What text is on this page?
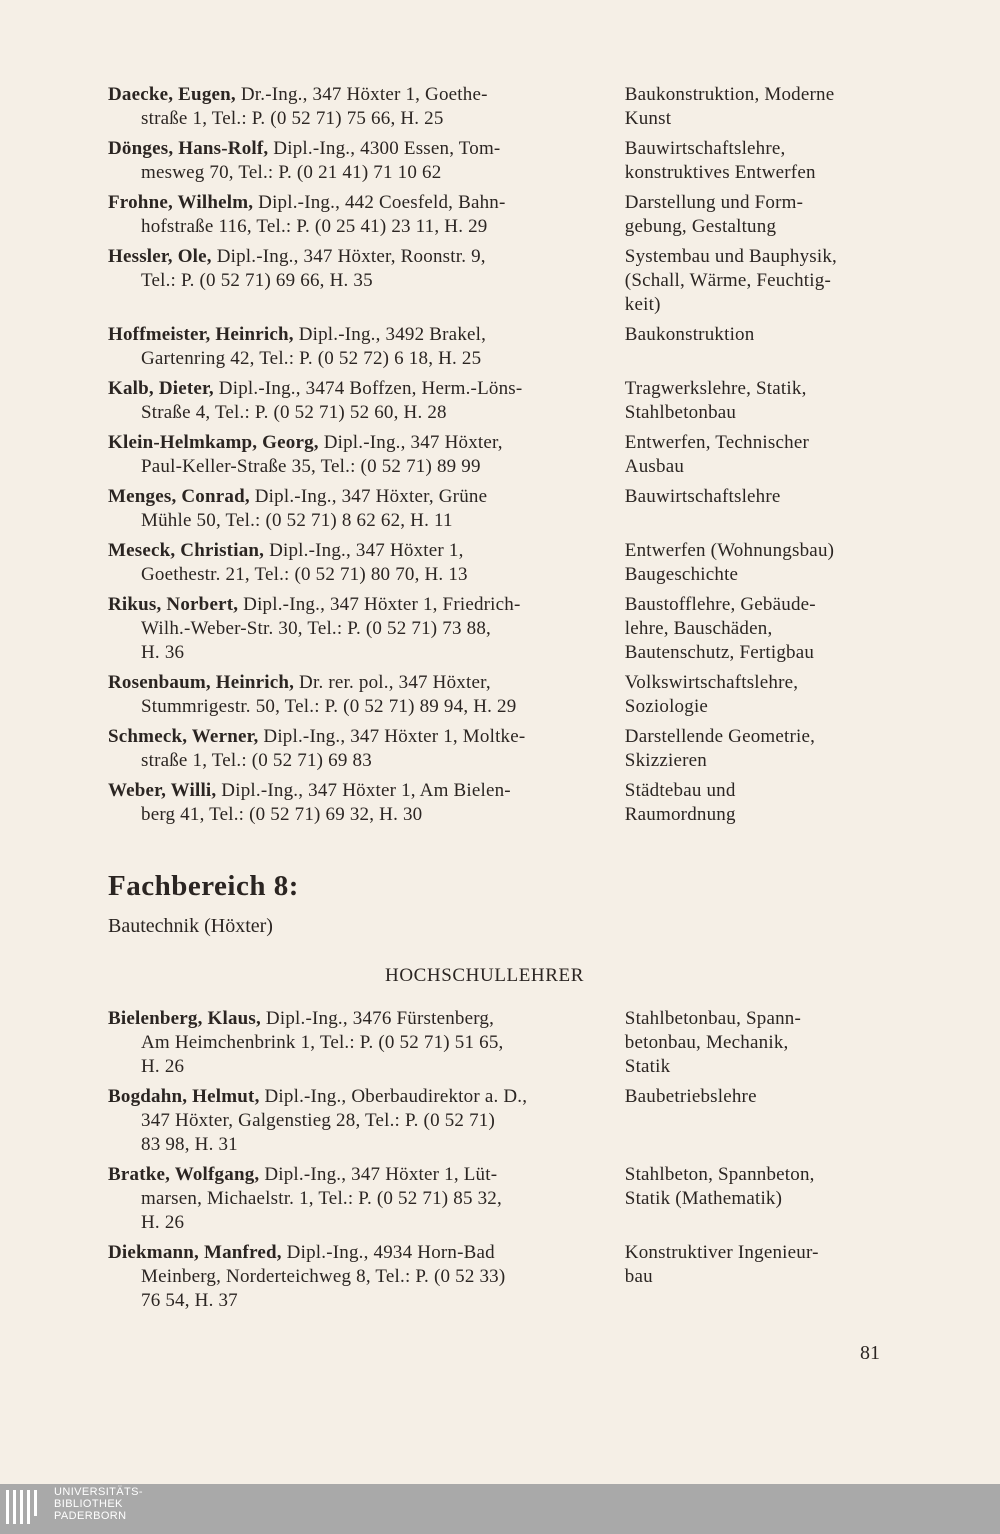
Daecke, Eugen, Dr.-Ing., 347 Höxter 1, Goethe-
straße 1, Tel.: P. (0 52 71) 75 66, H. 25
Baukonstruktion, Moderne
Kunst
Dönges, Hans-Rolf, Dipl.-Ing., 4300 Essen, Tom-
mesweg 70, Tel.: P. (0 21 41) 71 10 62
Bauwirtschaftslehre,
konstruktives Entwerfen
Frohne, Wilhelm, Dipl.-Ing., 442 Coesfeld, Bahn-
hofstraße 116, Tel.: P. (0 25 41) 23 11, H. 29
Darstellung und Form-
gebung, Gestaltung
Hessler, Ole, Dipl.-Ing., 347 Höxter, Roonstr. 9,
Tel.: P. (0 52 71) 69 66, H. 35
Systembau und Bauphysik,
(Schall, Wärme, Feuchtig-
keit)
Hoffmeister, Heinrich, Dipl.-Ing., 3492 Brakel,
Gartenring 42, Tel.: P. (0 52 72) 6 18, H. 25
Baukonstruktion
Kalb, Dieter, Dipl.-Ing., 3474 Boffzen, Herm.-Löns-
Straße 4, Tel.: P. (0 52 71) 52 60, H. 28
Tragwerkslehre, Statik,
Stahlbetonbau
Klein-Helmkamp, Georg, Dipl.-Ing., 347 Höxter,
Paul-Keller-Straße 35, Tel.: (0 52 71) 89 99
Entwerfen, Technischer
Ausbau
Menges, Conrad, Dipl.-Ing., 347 Höxter, Grüne
Mühle 50, Tel.: (0 52 71) 8 62 62, H. 11
Bauwirtschaftslehre
Meseck, Christian, Dipl.-Ing., 347 Höxter 1,
Goethestr. 21, Tel.: (0 52 71) 80 70, H. 13
Entwerfen (Wohnungsbau)
Baugeschichte
Rikus, Norbert, Dipl.-Ing., 347 Höxter 1, Friedrich-
Wilh.-Weber-Str. 30, Tel.: P. (0 52 71) 73 88,
H. 36
Baustofflehre, Gebäude-
lehre, Bauschäden,
Bautenschutz, Fertigbau
Rosenbaum, Heinrich, Dr. rer. pol., 347 Höxter,
Stummrigestr. 50, Tel.: P. (0 52 71) 89 94, H. 29
Volkswirtschaftslehre,
Soziologie
Schmeck, Werner, Dipl.-Ing., 347 Höxter 1, Moltke-
straße 1, Tel.: (0 52 71) 69 83
Darstellende Geometrie,
Skizzieren
Weber, Willi, Dipl.-Ing., 347 Höxter 1, Am Bielen-
berg 41, Tel.: (0 52 71) 69 32, H. 30
Städtebau und
Raumordnung
Fachbereich 8:
Bautechnik (Höxter)
HOCHSCHULLEHRER
Bielenberg, Klaus, Dipl.-Ing., 3476 Fürstenberg,
Am Heimchenbrink 1, Tel.: P. (0 52 71) 51 65,
H. 26
Stahlbetonbau, Spann-
betonbau, Mechanik,
Statik
Bogdahn, Helmut, Dipl.-Ing., Oberbaudirektor a. D.,
347 Höxter, Galgenstieg 28, Tel.: P. (0 52 71)
83 98, H. 31
Baubetriebslehre
Bratke, Wolfgang, Dipl.-Ing., 347 Höxter 1, Lüt-
marsen, Michaelstr. 1, Tel.: P. (0 52 71) 85 32,
H. 26
Stahlbeton, Spannbeton,
Statik (Mathematik)
Diekmann, Manfred, Dipl.-Ing., 4934 Horn-Bad
Meinberg, Norderteichweg 8, Tel.: P. (0 52 33)
76 54, H. 37
Konstruktiver Ingenieur-
bau
81
UNIVERSITÄTS-
BIBLIOTHEK
PADERBORN
